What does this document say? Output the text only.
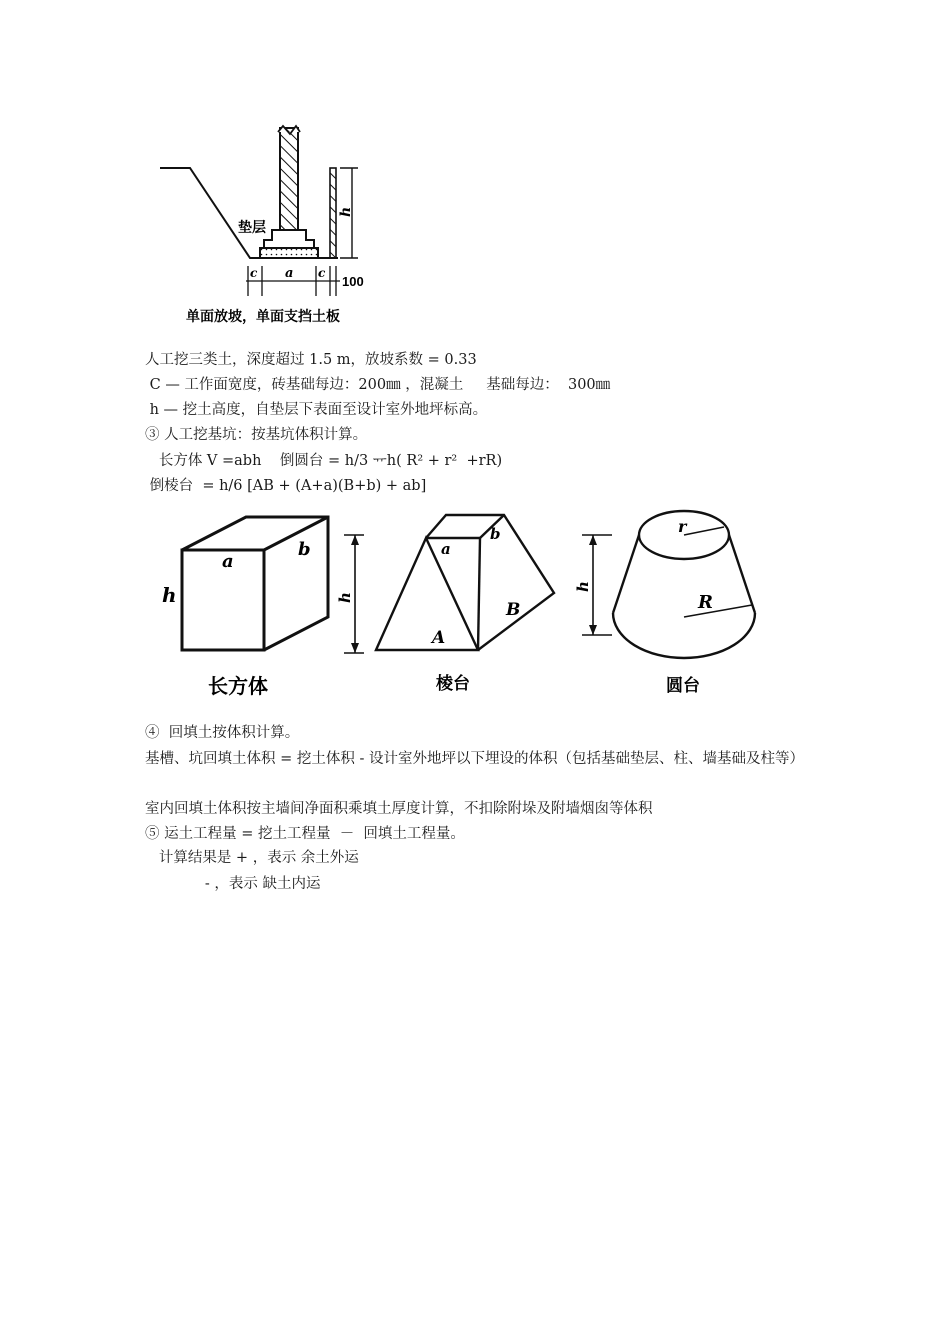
h
垫层
c a c
100
单面放坡，单面支挡土板
人工挖三类土，深度超过 1.5 m，放坡系数 = 0.33
C — 工作面宽度，砖基础每边：200㎜ ，混凝土     基础每边：  300㎜
h — 挖土高度，自垫层下表面至设计室外地坪标高。
③ 人工挖基坑：按基坑体积计算。
长方体 V =abh    倒圆台 = h/3 ᅲh( R² + r²  +rR)
倒棱台  = h/6 [AB + (A+a)(B+b) + ab]
a
b
h
长方体
h
a
b
A
B
棱台
h
r
R
圆台
④  回填土按体积计算。
基槽、坑回填土体积 = 挖土体积 - 设计室外地坪以下埋设的体积（包括基础垫层、柱、墙基础及柱等）
室内回填土体积按主墙间净面积乘填土厚度计算，不扣除附垛及附墙烟囱等体积
⑤ 运土工程量 = 挖土工程量  －  回填土工程量。
计算结果是 + ，表示 余土外运
- ，表示 缺土内运
